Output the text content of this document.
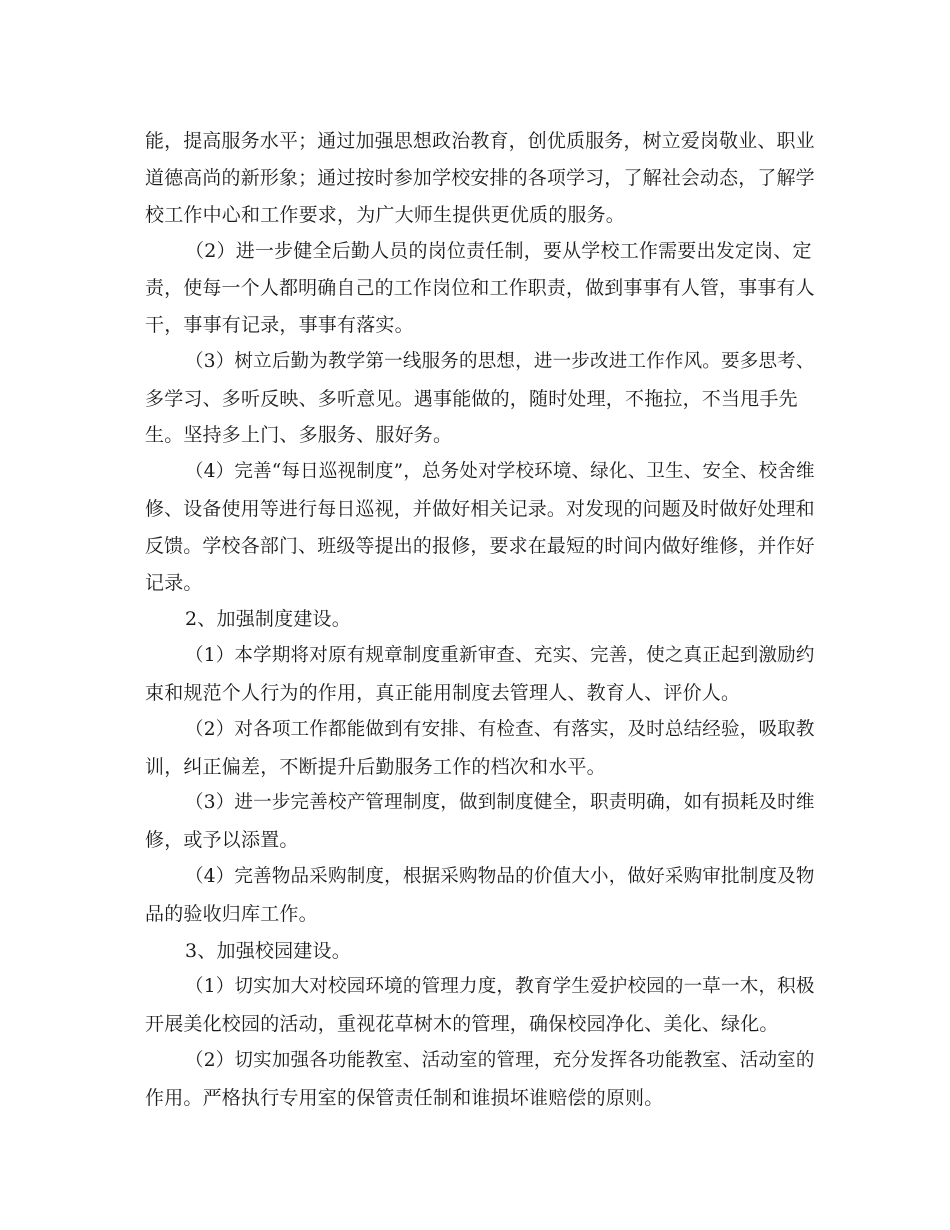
能，提高服务水平；通过加强思想政治教育，创优质服务，树立爱岗敬业、职业
道德高尚的新形象；通过按时参加学校安排的各项学习，了解社会动态，了解学
校工作中心和工作要求，为广大师生提供更优质的服务。
（2）进一步健全后勤人员的岗位责任制，要从学校工作需要出发定岗、定
责，使每一个人都明确自己的工作岗位和工作职责，做到事事有人管，事事有人
干，事事有记录，事事有落实。
（3）树立后勤为教学第一线服务的思想，进一步改进工作作风。要多思考、
多学习、多听反映、多听意见。遇事能做的，随时处理，不拖拉，不当甩手先
生。坚持多上门、多服务、服好务。
（4）完善“每日巡视制度”，总务处对学校环境、绿化、卫生、安全、校舍维
修、设备使用等进行每日巡视，并做好相关记录。对发现的问题及时做好处理和
反馈。学校各部门、班级等提出的报修，要求在最短的时间内做好维修，并作好
记录。
2、加强制度建设。
（1）本学期将对原有规章制度重新审查、充实、完善，使之真正起到激励约
束和规范个人行为的作用，真正能用制度去管理人、教育人、评价人。
（2）对各项工作都能做到有安排、有检查、有落实，及时总结经验，吸取教
训，纠正偏差，不断提升后勤服务工作的档次和水平。
（3）进一步完善校产管理制度，做到制度健全，职责明确，如有损耗及时维
修，或予以添置。
（4）完善物品采购制度，根据采购物品的价值大小，做好采购审批制度及物
品的验收归库工作。
3、加强校园建设。
（1）切实加大对校园环境的管理力度，教育学生爱护校园的一草一木，积极
开展美化校园的活动，重视花草树木的管理，确保校园净化、美化、绿化。
（2）切实加强各功能教室、活动室的管理，充分发挥各功能教室、活动室的
作用。严格执行专用室的保管责任制和谁损坏谁赔偿的原则。
